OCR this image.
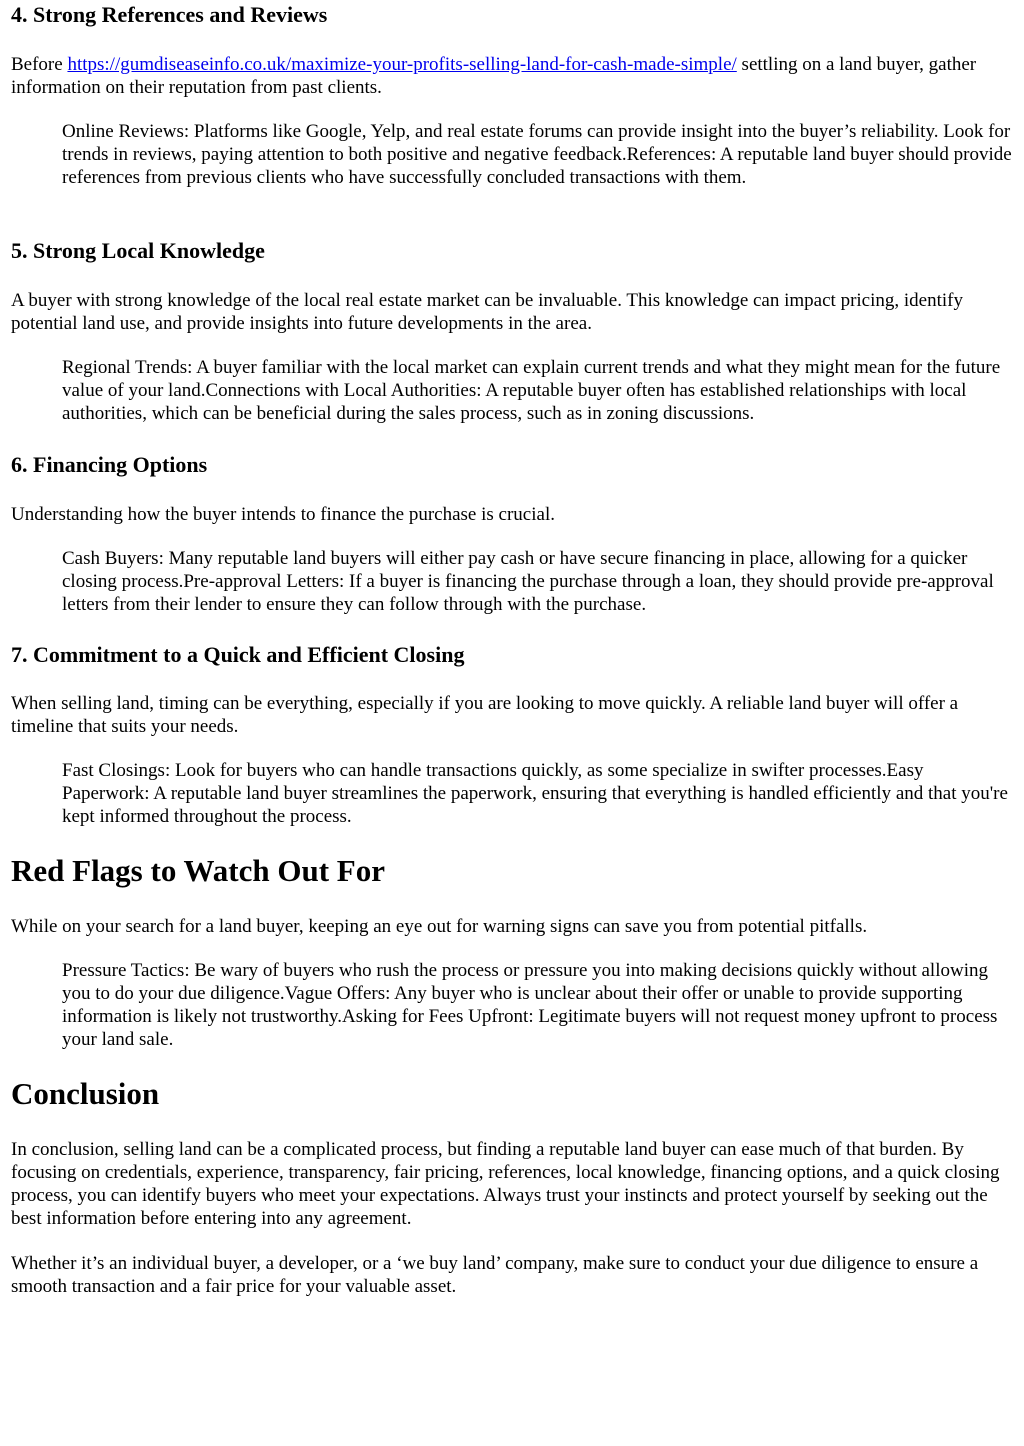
4. Strong References and Reviews

Before https://gumdiseaseinfo.co.uk/maximize-your-profits-selling-land-for-cash-made-simple/ settling on a land buyer, gather information on their reputation from past clients.

Online Reviews: Platforms like Google, Yelp, and real estate forums can provide insight into the buyer’s reliability. Look for trends in reviews, paying attention to both positive and negative feedback.References: A reputable land buyer should provide references from previous clients who have successfully concluded transactions with them.

5. Strong Local Knowledge

A buyer with strong knowledge of the local real estate market can be invaluable. This knowledge can impact pricing, identify potential land use, and provide insights into future developments in the area.

Regional Trends: A buyer familiar with the local market can explain current trends and what they might mean for the future value of your land.Connections with Local Authorities: A reputable buyer often has established relationships with local authorities, which can be beneficial during the sales process, such as in zoning discussions.

6. Financing Options

Understanding how the buyer intends to finance the purchase is crucial.

Cash Buyers: Many reputable land buyers will either pay cash or have secure financing in place, allowing for a quicker closing process.Pre-approval Letters: If a buyer is financing the purchase through a loan, they should provide pre-approval letters from their lender to ensure they can follow through with the purchase.

7. Commitment to a Quick and Efficient Closing

When selling land, timing can be everything, especially if you are looking to move quickly. A reliable land buyer will offer a timeline that suits your needs.

Fast Closings: Look for buyers who can handle transactions quickly, as some specialize in swifter processes.Easy Paperwork: A reputable land buyer streamlines the paperwork, ensuring that everything is handled efficiently and that you're kept informed throughout the process.

Red Flags to Watch Out For

While on your search for a land buyer, keeping an eye out for warning signs can save you from potential pitfalls.

Pressure Tactics: Be wary of buyers who rush the process or pressure you into making decisions quickly without allowing you to do your due diligence.Vague Offers: Any buyer who is unclear about their offer or unable to provide supporting information is likely not trustworthy.Asking for Fees Upfront: Legitimate buyers will not request money upfront to process your land sale.

Conclusion

In conclusion, selling land can be a complicated process, but finding a reputable land buyer can ease much of that burden. By focusing on credentials, experience, transparency, fair pricing, references, local knowledge, financing options, and a quick closing process, you can identify buyers who meet your expectations. Always trust your instincts and protect yourself by seeking out the best information before entering into any agreement.

Whether it’s an individual buyer, a developer, or a ‘we buy land’ company, make sure to conduct your due diligence to ensure a smooth transaction and a fair price for your valuable asset.
